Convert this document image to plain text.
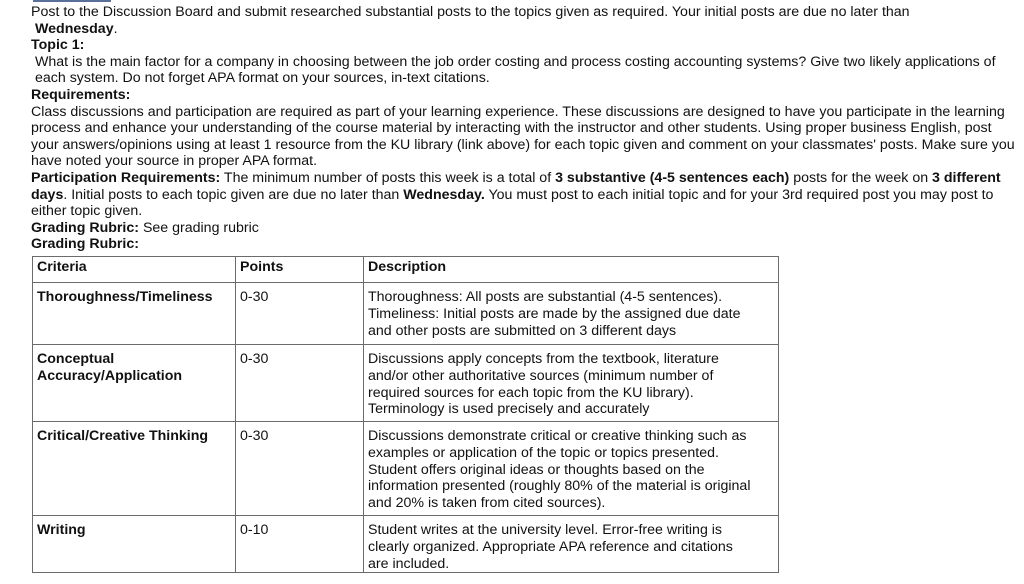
Post to the Discussion Board and submit researched substantial posts to the topics given as required. Your initial posts are due no later than
Wednesday.

Topic 1:

What is the main factor for a company in choosing between the job order costing and process costing accounting systems? Give two likely applications of each system. Do not forget APA format on your sources, in-text citations.

Requirements:

Class discussions and participation are required as part of your learning experience. These discussions are designed to have you participate in the learning process and enhance your understanding of the course material by interacting with the instructor and other students. Using proper business English, post your answers/opinions using at least 1 resource from the KU library (link above) for each topic given and comment on your classmates' posts. Make sure you have noted your source in proper APA format.

Participation Requirements: The minimum number of posts this week is a total of 3 substantive (4-5 sentences each) posts for the week on 3 different days. Initial posts to each topic given are due no later than Wednesday. You must post to each initial topic and for your 3rd required post you may post to either topic given.

Grading Rubric: See grading rubric

Grading Rubric:

Criteria	Points	Description
Thoroughness/Timeliness	0-30	Thoroughness: All posts are substantial (4-5 sentences).
Timeliness: Initial posts are made by the assigned due date
and other posts are submitted on 3 different days

Conceptual Accuracy/Application	0-30	Discussions apply concepts from the textbook, literature
and/or other authoritative sources (minimum number of
required sources for each topic from the KU library).
Terminology is used precisely and accurately

Critical/Creative Thinking	0-30	Discussions demonstrate critical or creative thinking such as
examples or application of the topic or topics presented.
Student offers original ideas or thoughts based on the
information presented (roughly 80% of the material is original
and 20% is taken from cited sources).

Writing	0-10	Student writes at the university level. Error-free writing is
clearly organized. Appropriate APA reference and citations
are included.
